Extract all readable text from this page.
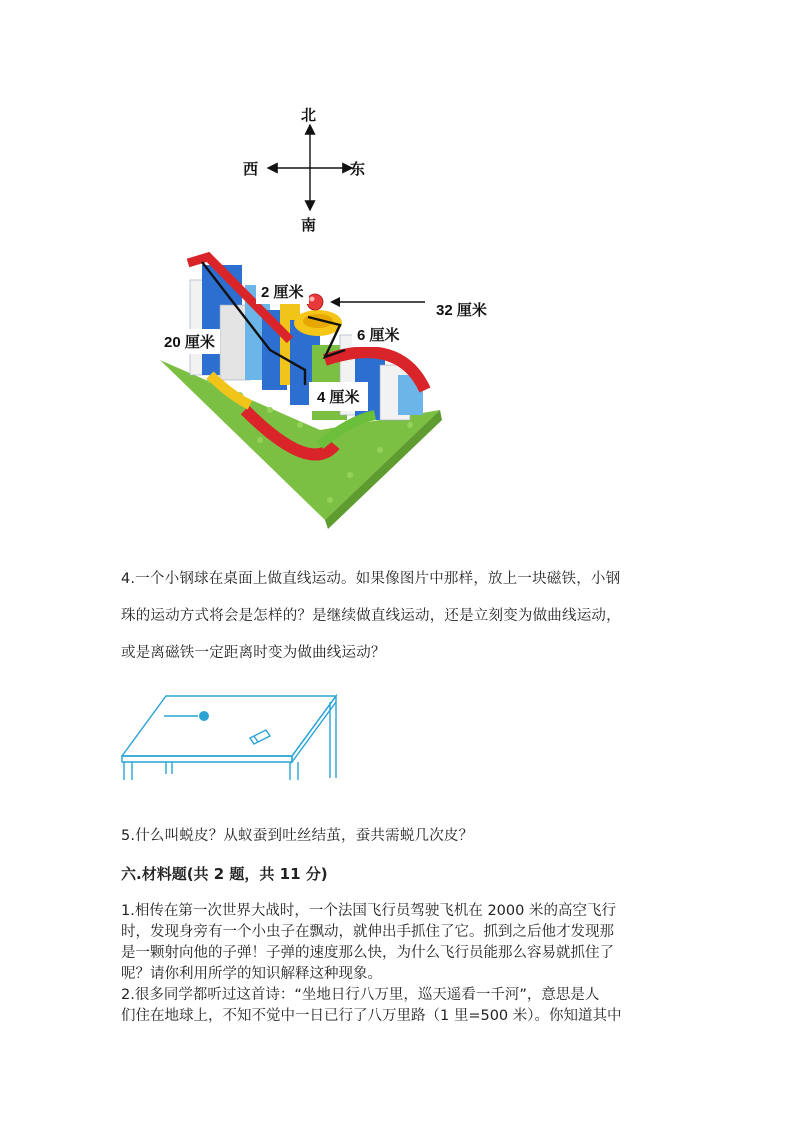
北
南
西	东
2 厘米
32 厘米
20 厘米	6 厘米
4 厘米
4.一个小钢球在桌面上做直线运动。如果像图片中那样，放上一块磁铁，小钢
珠的运动方式将会是怎样的？是继续做直线运动，还是立刻变为做曲线运动，
或是离磁铁一定距离时变为做曲线运动？
5.什么叫蜕皮？从蚁蚕到吐丝结茧，蚕共需蜕几次皮？
六.材料题(共 2 题，共 11 分)
1.相传在第一次世界大战时，一个法国飞行员驾驶飞机在 2000 米的高空飞行
时，发现身旁有一个小虫子在飘动，就伸出手抓住了它。抓到之后他才发现那
是一颗射向他的子弹！子弹的速度那么快，为什么飞行员能那么容易就抓住了
呢？请你利用所学的知识解释这种现象。
2.很多同学都听过这首诗：“坐地日行八万里，巡天遥看一千河”，意思是人
们住在地球上，不知不觉中一日已行了八万里路（1 里=500 米）。你知道其中
